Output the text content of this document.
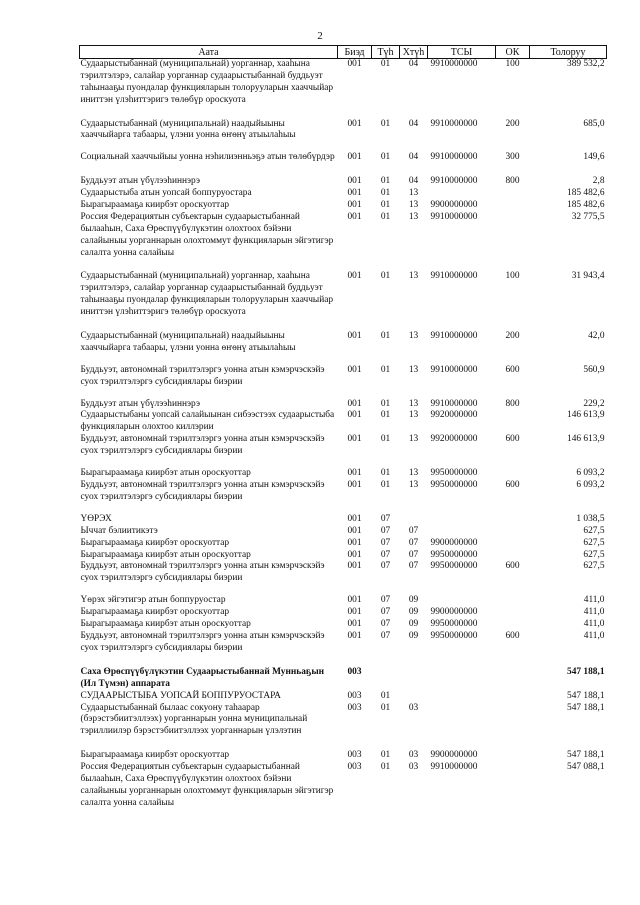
2
Аата	Биэд	Түһ	Хтүһ	ТСЫ	ОК	Толоруу
Судаарыстыбаннай (муниципальнай) уорганнар, хааһына тэрилтэлэрэ, салайар уорганнар судаарыстыбаннай буддьуэт таһынааҕы пуондалар функцияларын толорууларын хааччыйар иниттэн үлэһиттэригэ төлөбүр ороскуота	001	01	04	9910000000	100	389 532,2
Судаарыстыбаннай (муниципальнай) наадыйыыны хааччыйарга табаары, үлэни уонна өҥөнү атыылаһыы	001	01	04	9910000000	200	685,0

Социальнай хааччыйыы уонна нэһилиэнньэҕэ атын төлөбүрдэр	001	01	04	9910000000	300	149,6
Буддьуэт атын үбүлээһиннэрэ	001	01	04	9910000000	800	2,8
Судаарыстыба атын уопсай боппуруостара	001	01	13			185 482,6
Бырагыраамаҕа киирбэт ороскуоттар	001	01	13	9900000000		185 482,6
Россия Федерациятын субъектарын судаарыстыбаннай былааһын, Саха Өрөспүүбүлүкэтин олохтоох бэйэни салайыныы уорганнарын олохтоммут функцияларын эйгэтигэр салалта уонна салайыы	001	01	13	9910000000		32 775,5

Судаарыстыбаннай (муниципальнай) уорганнар, хааһына тэрилтэлэрэ, салайар уорганнар судаарыстыбаннай буддьуэт таһынааҕы пуондалар функцияларын толорууларын хааччыйар иниттэн үлэһиттэригэ төлөбүр ороскуота	001	01	13	9910000000	100	31 943,4
Судаарыстыбаннай (муниципальнай) наадыйыыны хааччыйарга табаары, үлэни уонна өҥөнү атыылаһыы	001	01	13	9910000000	200	42,0

Буддьуэт, автономнай тэрилтэлэргэ уонна атын кэмэрчэскэйэ суох тэрилтэлэргэ субсидиялары биэрии	001	01	13	9910000000	600	560,9

Буддьуэт атын үбүлээһиннэрэ	001	01	13	9910000000	800	229,2
Судаарыстыбаны уопсай салайыынан сибээстээх судаарыстыба функцияларын олохтоо киллэрии	001	01	13	9920000000		146 613,9
Буддьуэт, автономнай тэрилтэлэргэ уонна атын кэмэрчэскэйэ суох тэрилтэлэргэ субсидиялары биэрии	001	01	13	9920000000	600	146 613,9

Бырагыраамаҕа киирбэт атын ороскуоттар	001	01	13	9950000000		6 093,2
Буддьуэт, автономнай тэрилтэлэргэ уонна атын кэмэрчэскэйэ суох тэрилтэлэргэ субсидиялары биэрии	001	01	13	9950000000	600	6 093,2

ҮӨРЭХ	001	07				1 038,5
Ыччат бэлиитикэтэ	001	07	07			627,5
Бырагыраамаҕа киирбэт ороскуоттар	001	07	07	9900000000		627,5
Бырагыраамаҕа киирбэт атын ороскуоттар	001	07	07	9950000000		627,5
Буддьуэт, автономнай тэрилтэлэргэ уонна атын кэмэрчэскэйэ суох тэрилтэлэргэ субсидиялары биэрии	001	07	07	9950000000	600	627,5

Үөрэх эйгэтигэр атын боппуруостар	001	07	09			411,0
Бырагыраамаҕа киирбэт ороскуоттар	001	07	09	9900000000		411,0
Бырагыраамаҕа киирбэт атын ороскуоттар	001	07	09	9950000000		411,0
Буддьуэт, автономнай тэрилтэлэргэ уонна атын кэмэрчэскэйэ суох тэрилтэлэргэ субсидиялары биэрии	001	07	09	9950000000	600	411,0

Саха Өрөспүүбүлүкэтин Судаарыстыбаннай Мунньаҕын (Ил Түмэн) аппарата	003					547 188,1
СУДААРЫСТЫБА УОПСАЙ БОППУРУОСТАРА	003	01				547 188,1
Судаарыстыбаннай былаас сокуону таһаарар (бэрэстэбиитэллээх) уорганнарын уонна муниципальнай тэриллиилэр бэрэстэбиитэллээх уорганнарын үлэлэтин	003	01	03			547 188,1
Бырагыраамаҕа киирбэт ороскуоттар	003	01	03	9900000000		547 188,1
Россия Федерациятын субъектарын судаарыстыбаннай былааһын, Саха Өрөспүүбүлүкэтин олохтоох бэйэни салайыныы уорганнарын олохтоммут функцияларын эйгэтигэр салалта уонна салайыы	003	01	03	9910000000		547 088,1
